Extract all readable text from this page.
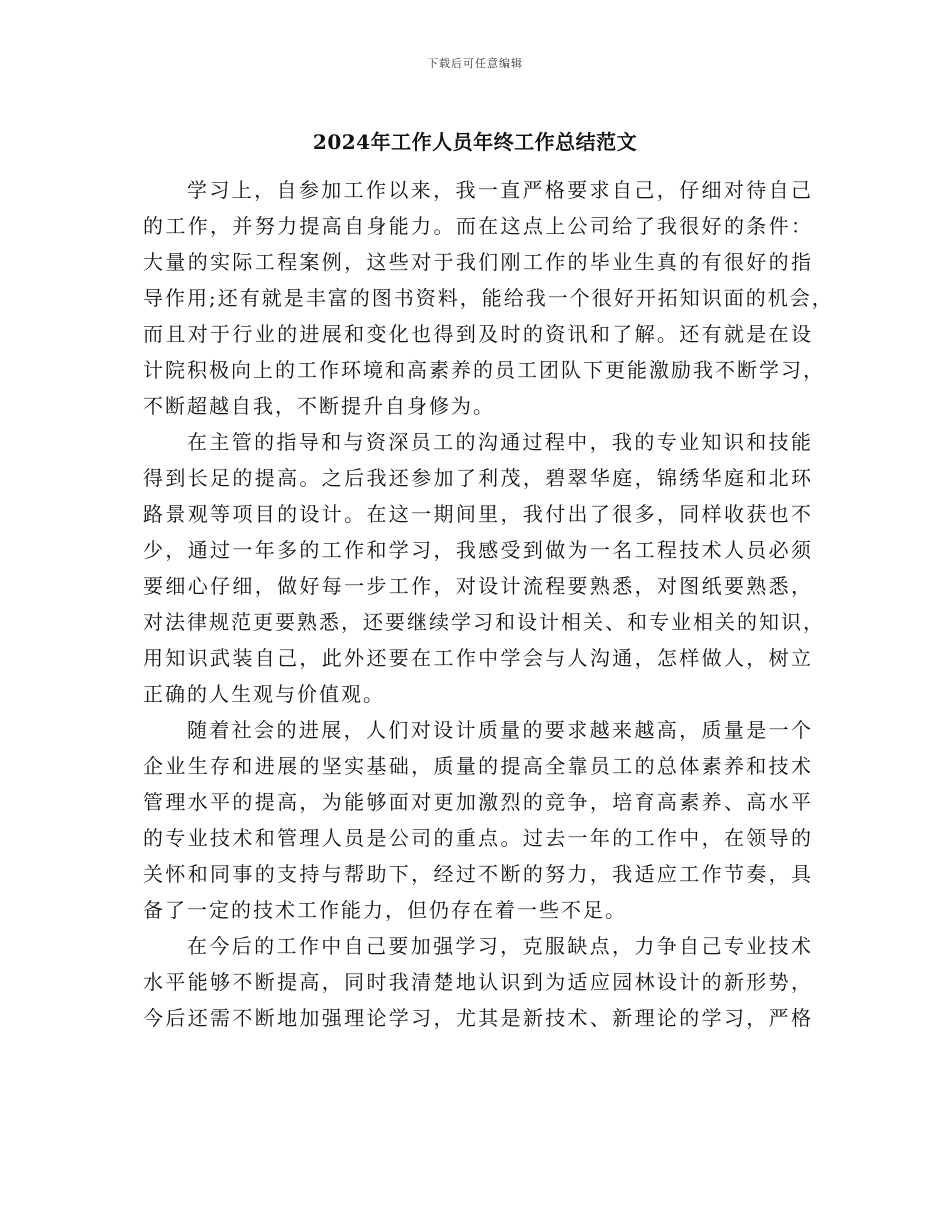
下载后可任意编辑
2024年工作人员年终工作总结范文
学习上，自参加工作以来，我一直严格要求自己，仔细对待自己
的工作，并努力提高自身能力。而在这点上公司给了我很好的条件：
大量的实际工程案例，这些对于我们刚工作的毕业生真的有很好的指
导作用;还有就是丰富的图书资料，能给我一个很好开拓知识面的机会，
而且对于行业的进展和变化也得到及时的资讯和了解。还有就是在设
计院积极向上的工作环境和高素养的员工团队下更能激励我不断学习，
不断超越自我，不断提升自身修为。
在主管的指导和与资深员工的沟通过程中，我的专业知识和技能
得到长足的提高。之后我还参加了利茂，碧翠华庭，锦绣华庭和北环
路景观等项目的设计。在这一期间里，我付出了很多，同样收获也不
少，通过一年多的工作和学习，我感受到做为一名工程技术人员必须
要细心仔细，做好每一步工作，对设计流程要熟悉，对图纸要熟悉，
对法律规范更要熟悉，还要继续学习和设计相关、和专业相关的知识，
用知识武装自己，此外还要在工作中学会与人沟通，怎样做人，树立
正确的人生观与价值观。
随着社会的进展，人们对设计质量的要求越来越高，质量是一个
企业生存和进展的坚实基础，质量的提高全靠员工的总体素养和技术
管理水平的提高，为能够面对更加激烈的竞争，培育高素养、高水平
的专业技术和管理人员是公司的重点。过去一年的工作中，在领导的
关怀和同事的支持与帮助下，经过不断的努力，我适应工作节奏，具
备了一定的技术工作能力，但仍存在着一些不足。
在今后的工作中自己要加强学习，克服缺点，力争自己专业技术
水平能够不断提高，同时我清楚地认识到为适应园林设计的新形势，
今后还需不断地加强理论学习，尤其是新技术、新理论的学习，严格
